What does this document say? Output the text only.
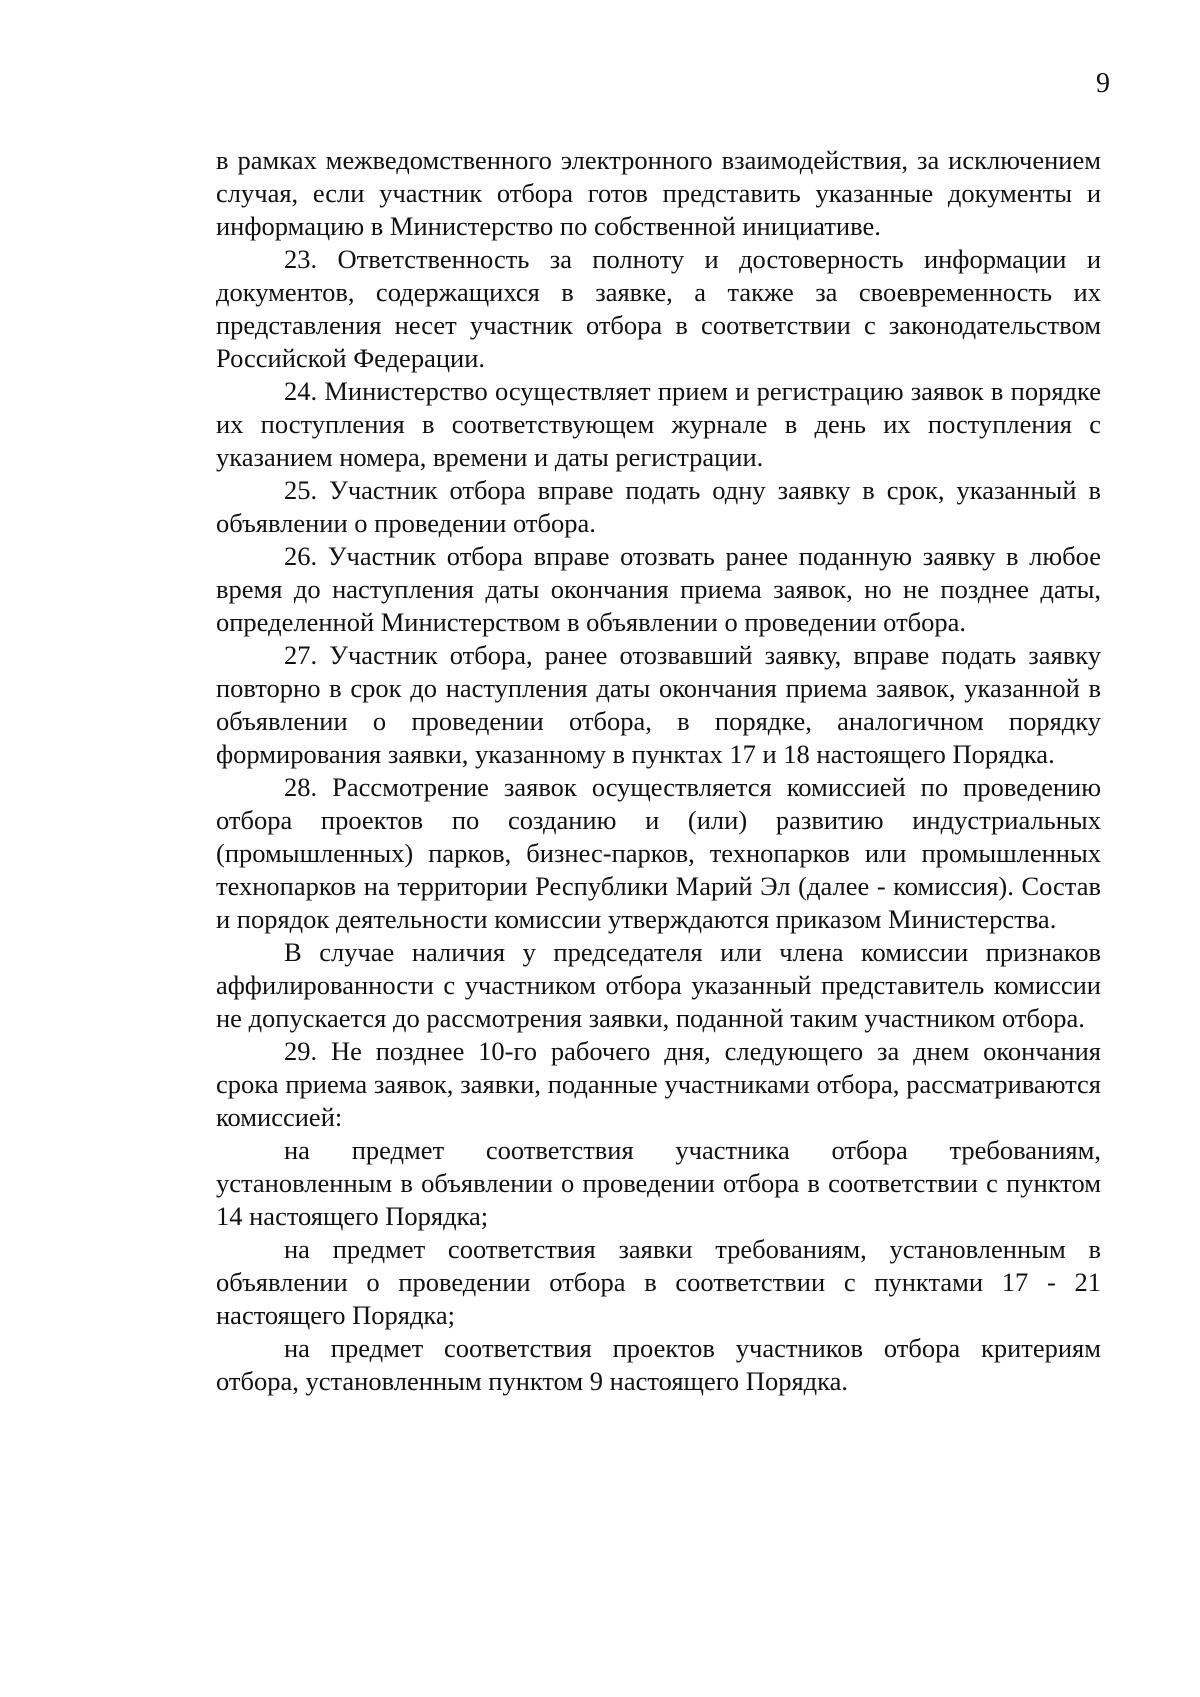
9

в рамках межведомственного электронного взаимодействия, за исключением случая, если участник отбора готов представить указанные документы и информацию в Министерство по собственной инициативе.

23. Ответственность за полноту и достоверность информации и документов, содержащихся в заявке, а также за своевременность их представления несет участник отбора в соответствии с законодательством Российской Федерации.

24. Министерство осуществляет прием и регистрацию заявок в порядке их поступления в соответствующем журнале в день их поступления с указанием номера, времени и даты регистрации.

25. Участник отбора вправе подать одну заявку в срок, указанный в объявлении о проведении отбора.

26. Участник отбора вправе отозвать ранее поданную заявку в любое время до наступления даты окончания приема заявок, но не позднее даты, определенной Министерством в объявлении о проведении отбора.

27. Участник отбора, ранее отозвавший заявку, вправе подать заявку повторно в срок до наступления даты окончания приема заявок, указанной в объявлении о проведении отбора, в порядке, аналогичном порядку формирования заявки, указанному в пунктах 17 и 18 настоящего Порядка.

28. Рассмотрение заявок осуществляется комиссией по проведению отбора проектов по созданию и (или) развитию индустриальных (промышленных) парков, бизнес-парков, технопарков или промышленных технопарков на территории Республики Марий Эл (далее - комиссия). Состав и порядок деятельности комиссии утверждаются приказом Министерства.

В случае наличия у председателя или члена комиссии признаков аффилированности с участником отбора указанный представитель комиссии не допускается до рассмотрения заявки, поданной таким участником отбора.

29. Не позднее 10-го рабочего дня, следующего за днем окончания срока приема заявок, заявки, поданные участниками отбора, рассматриваются комиссией:

на предмет соответствия участника отбора требованиям, установленным в объявлении о проведении отбора в соответствии с пунктом 14 настоящего Порядка;

на предмет соответствия заявки требованиям, установленным в объявлении о проведении отбора в соответствии с пунктами 17 - 21 настоящего Порядка;

на предмет соответствия проектов участников отбора критериям отбора, установленным пунктом 9 настоящего Порядка.
